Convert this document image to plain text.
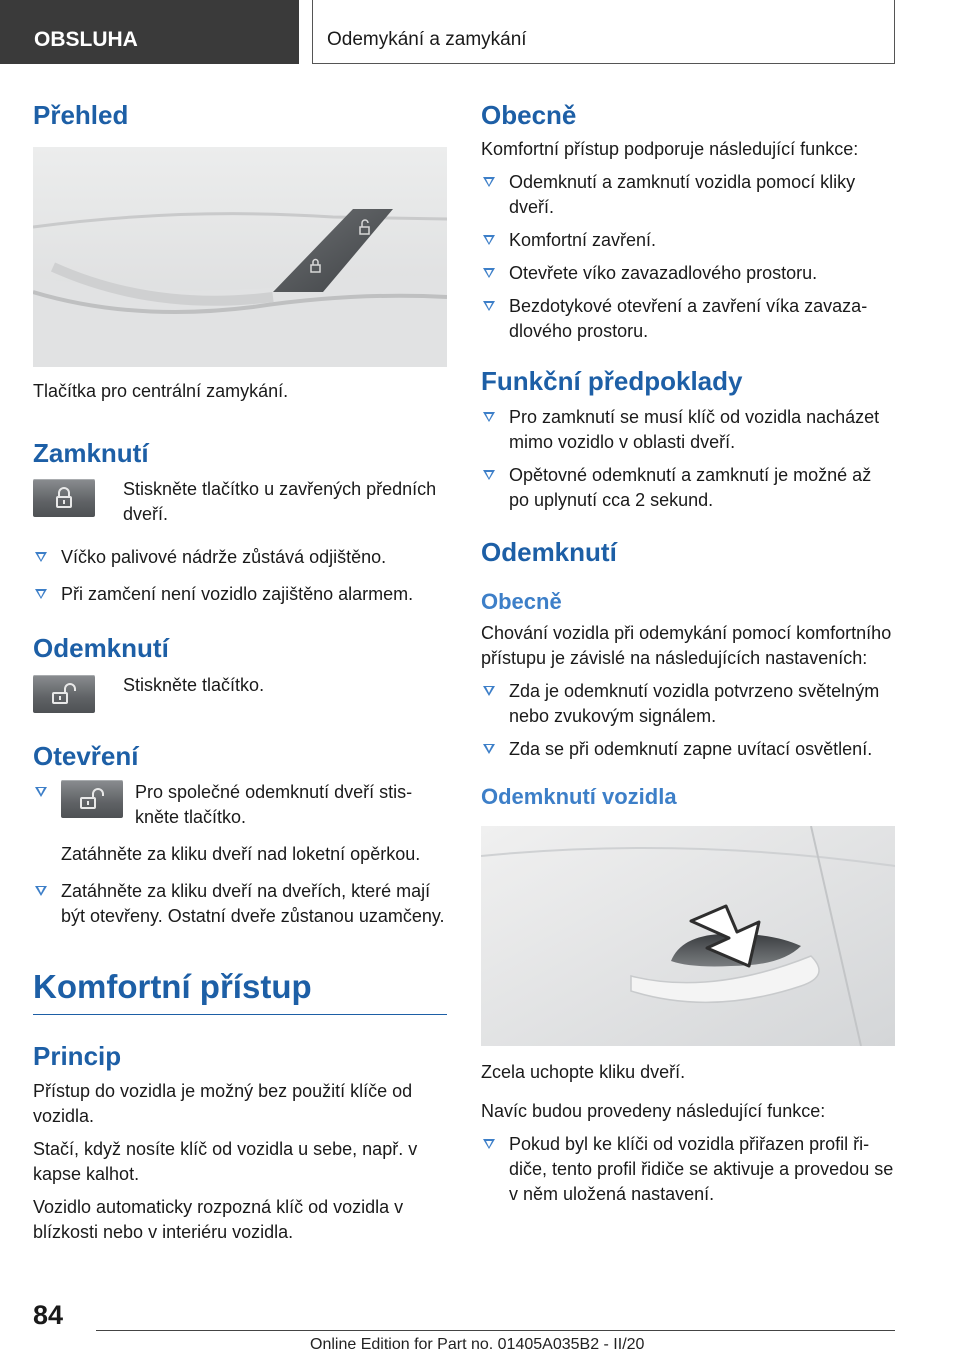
OBSLUHA	Odemykání a zamykání
Přehled

Tlačítka pro centrální zamykání.

Zamknutí

Stiskněte tlačítko u zavřených předních dveří.

Víčko palivové nádrže zůstává odjištěno.
Při zamčení není vozidlo zajištěno alarmem.
Odemknutí

Stiskněte tlačítko.

Otevření
Pro společné odemknutí dveří stiskněte tlačítko.
Zatáhněte za kliku dveří nad loketní opěrkou.
Zatáhněte za kliku dveří na dveřích, které mají být otevřeny. Ostatní dveře zůstanou uzamčeny.
Komfortní přístup
Princip

Přístup do vozidla je možný bez použití klíče od vozidla.

Stačí, když nosíte klíč od vozidla u sebe, např. v kapse kalhot.

Vozidlo automaticky rozpozná klíč od vozidla v blízkosti nebo v interiéru vozidla.

Obecně

Komfortní přístup podporuje následující funkce:

Odemknutí a zamknutí vozidla pomocí kliky dveří.
Komfortní zavření.
Otevřete víko zavazadlového prostoru.
Bezdotykové otevření a zavření víka zavazadlového prostoru.
Funkční předpoklady
Pro zamknutí se musí klíč od vozidla nacházet mimo vozidlo v oblasti dveří.
Opětovné odemknutí a zamknutí je možné až po uplynutí cca 2 sekund.
Odemknutí
Obecně

Chování vozidla při odemykání pomocí komfortního přístupu je závislé na následujících nastaveních:

Zda je odemknutí vozidla potvrzeno světelným nebo zvukovým signálem.
Zda se při odemknutí zapne uvítací osvětlení.
Odemknutí vozidla

Zcela uchopte kliku dveří.

Navíc budou provedeny následující funkce:

Pokud byl ke klíči od vozidla přiřazen profil řidiče, tento profil řidiče se aktivuje a provedou se v něm uložená nastavení.
84
Online Edition for Part no. 01405A035B2 - II/20
